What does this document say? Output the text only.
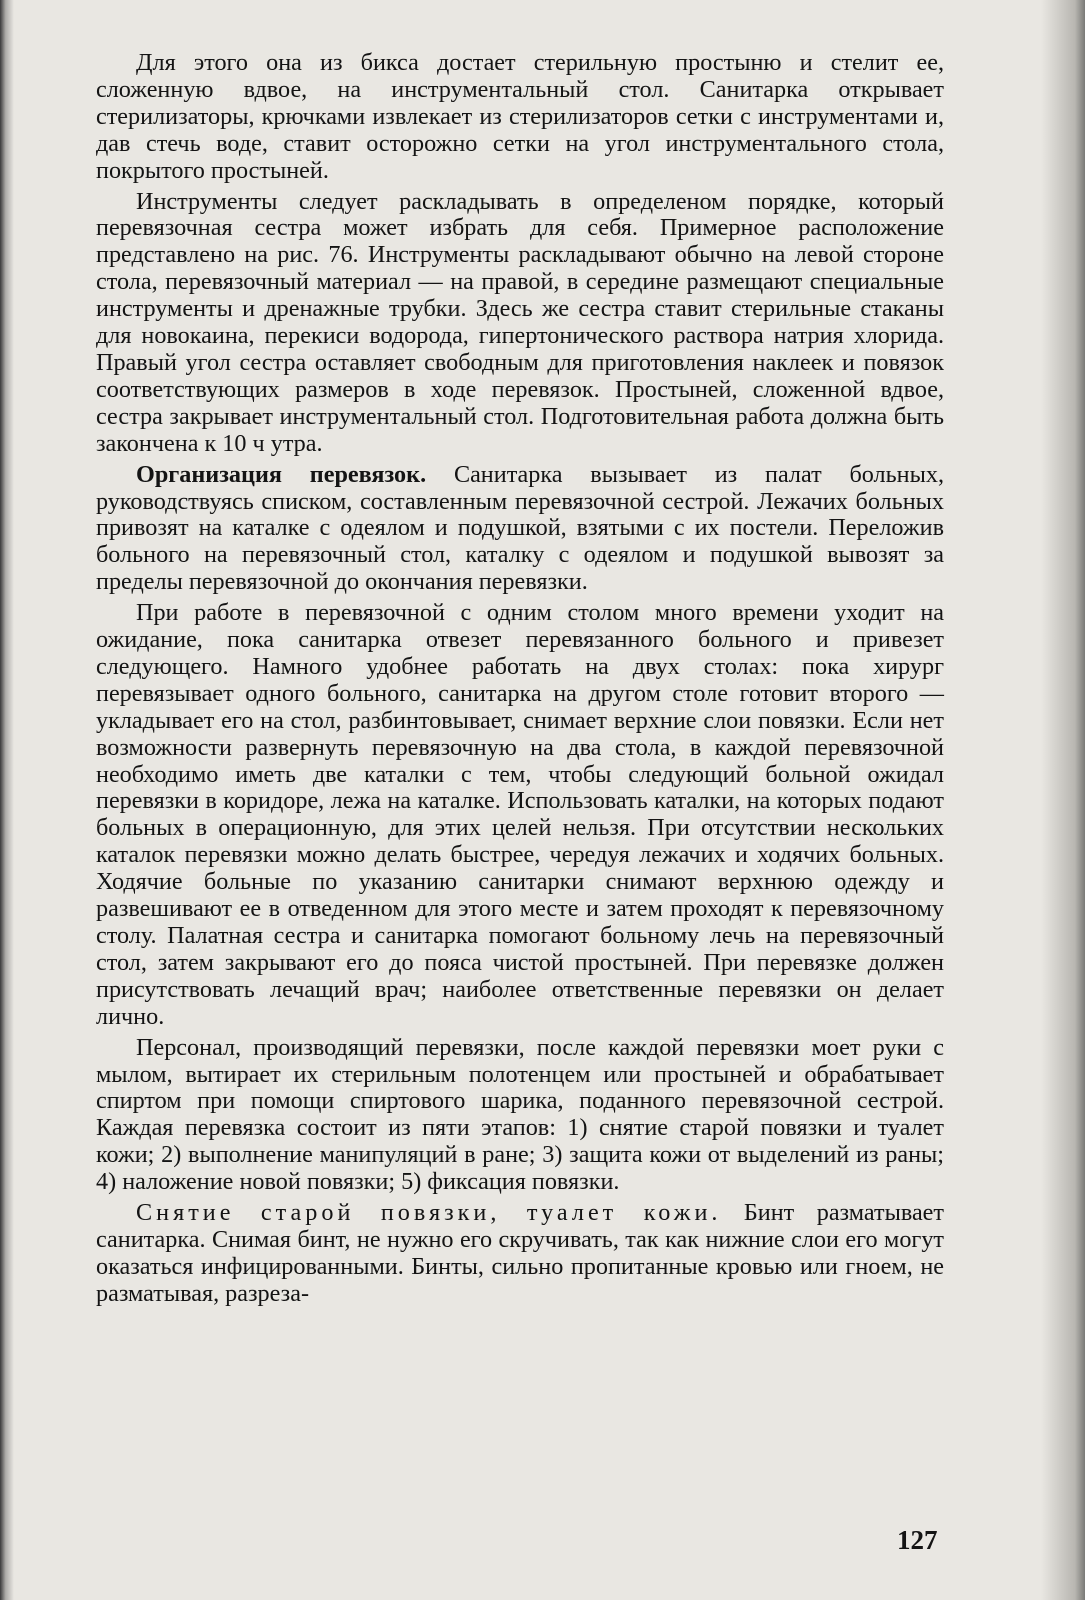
Для этого она из бикса достает стерильную простыню и стелит ее, сложенную вдвое, на инструментальный стол. Санитарка открывает стерилизаторы, крючками извлекает из стерилизаторов сетки с инструментами и, дав стечь воде, ставит осторожно сетки на угол инструментального стола, покрытого простыней.

Инструменты следует раскладывать в определеном порядке, который перевязочная сестра может избрать для себя. Примерное расположение представлено на рис. 76. Инструменты раскладывают обычно на левой стороне стола, перевязочный материал — на правой, в середине размещают специальные инструменты и дренажные трубки. Здесь же сестра ставит стерильные стаканы для новокаина, перекиси водорода, гипертонического раствора натрия хлорида. Правый угол сестра оставляет свободным для приготовления наклеек и повязок соответствующих размеров в ходе перевязок. Простыней, сложенной вдвое, сестра закрывает инструментальный стол. Подготовительная работа должна быть закончена к 10 ч утра.

Организация перевязок. Санитарка вызывает из палат больных, руководствуясь списком, составленным перевязочной сестрой. Лежачих больных привозят на каталке с одеялом и подушкой, взятыми с их постели. Переложив больного на перевязочный стол, каталку с одеялом и подушкой вывозят за пределы перевязочной до окончания перевязки.

При работе в перевязочной с одним столом много времени уходит на ожидание, пока санитарка отвезет перевязанного больного и привезет следующего. Намного удобнее работать на двух столах: пока хирург перевязывает одного больного, санитарка на другом столе готовит второго — укладывает его на стол, разбинтовывает, снимает верхние слои повязки. Если нет возможности развернуть перевязочную на два стола, в каждой перевязочной необходимо иметь две каталки с тем, чтобы следующий больной ожидал перевязки в коридоре, лежа на каталке. Использовать каталки, на которых подают больных в операционную, для этих целей нельзя. При отсутствии нескольких каталок перевязки можно делать быстрее, чередуя лежачих и ходячих больных. Ходячие больные по указанию санитарки снимают верхнюю одежду и развешивают ее в отведенном для этого месте и затем проходят к перевязочному столу. Палатная сестра и санитарка помогают больному лечь на перевязочный стол, затем закрывают его до пояса чистой простыней. При перевязке должен присутствовать лечащий врач; наиболее ответственные перевязки он делает лично.

Персонал, производящий перевязки, после каждой перевязки моет руки с мылом, вытирает их стерильным полотенцем или простыней и обрабатывает спиртом при помощи спиртового шарика, поданного перевязочной сестрой. Каждая перевязка состоит из пяти этапов: 1) снятие старой повязки и туалет кожи; 2) выполнение манипуляций в ране; 3) защита кожи от выделений из раны; 4) наложение новой повязки; 5) фиксация повязки.

Снятие старой повязки, туалет кожи. Бинт разматывает санитарка. Снимая бинт, не нужно его скручивать, так как нижние слои его могут оказаться инфицированными. Бинты, сильно пропитанные кровью или гноем, не разматывая, разреза-

127
